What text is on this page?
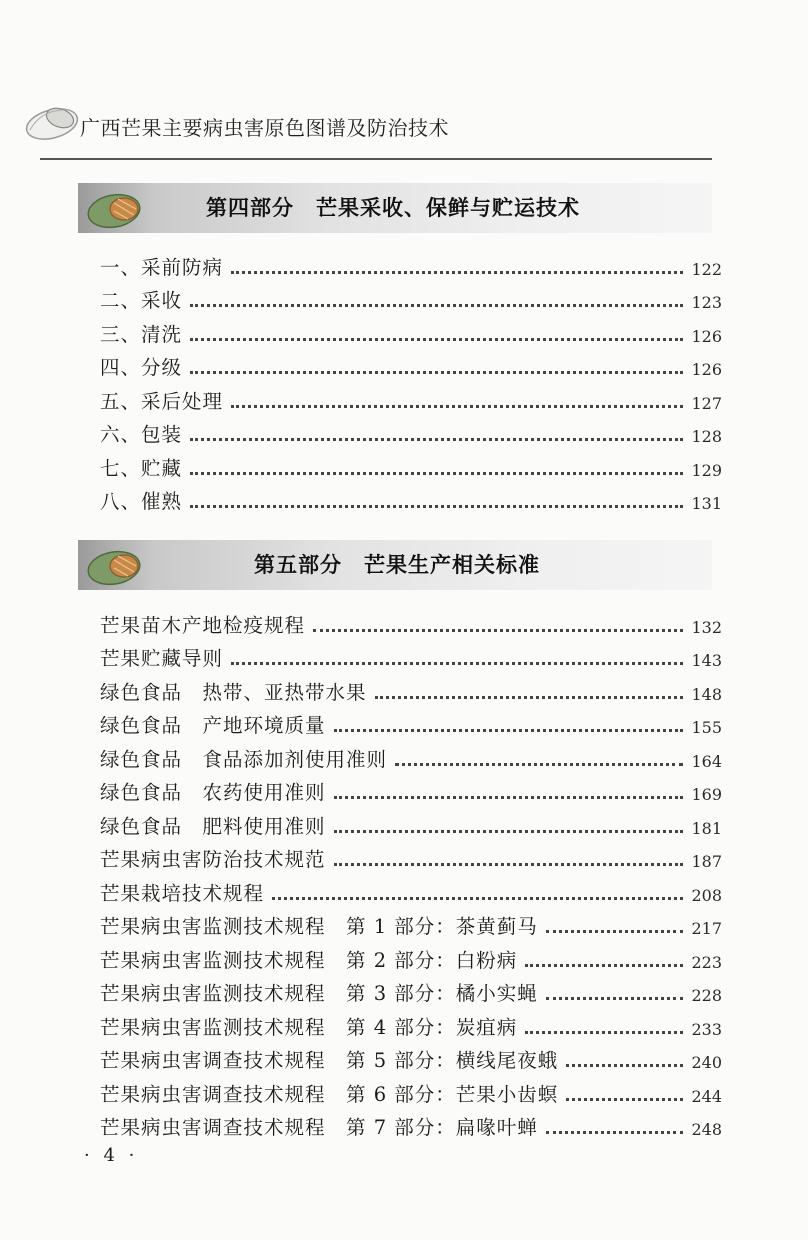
广西芒果主要病虫害原色图谱及防治技术
第四部分　芒果采收、保鲜与贮运技术
一、采前防病	122
二、采收	123
三、清洗	126
四、分级	126
五、采后处理	127
六、包装	128
七、贮藏	129
八、催熟	131
第五部分　芒果生产相关标准
芒果苗木产地检疫规程	132
芒果贮藏导则	143
绿色食品　热带、亚热带水果	148
绿色食品　产地环境质量	155
绿色食品　食品添加剂使用准则	164
绿色食品　农药使用准则	169
绿色食品　肥料使用准则	181
芒果病虫害防治技术规范	187
芒果栽培技术规程	208
芒果病虫害监测技术规程　第 1 部分：茶黄蓟马	217
芒果病虫害监测技术规程　第 2 部分：白粉病	223
芒果病虫害监测技术规程　第 3 部分：橘小实蝇	228
芒果病虫害监测技术规程　第 4 部分：炭疽病	233
芒果病虫害调查技术规程　第 5 部分：横线尾夜蛾	240
芒果病虫害调查技术规程　第 6 部分：芒果小齿螟	244
芒果病虫害调查技术规程　第 7 部分：扁喙叶蝉	248
· 4 ·
